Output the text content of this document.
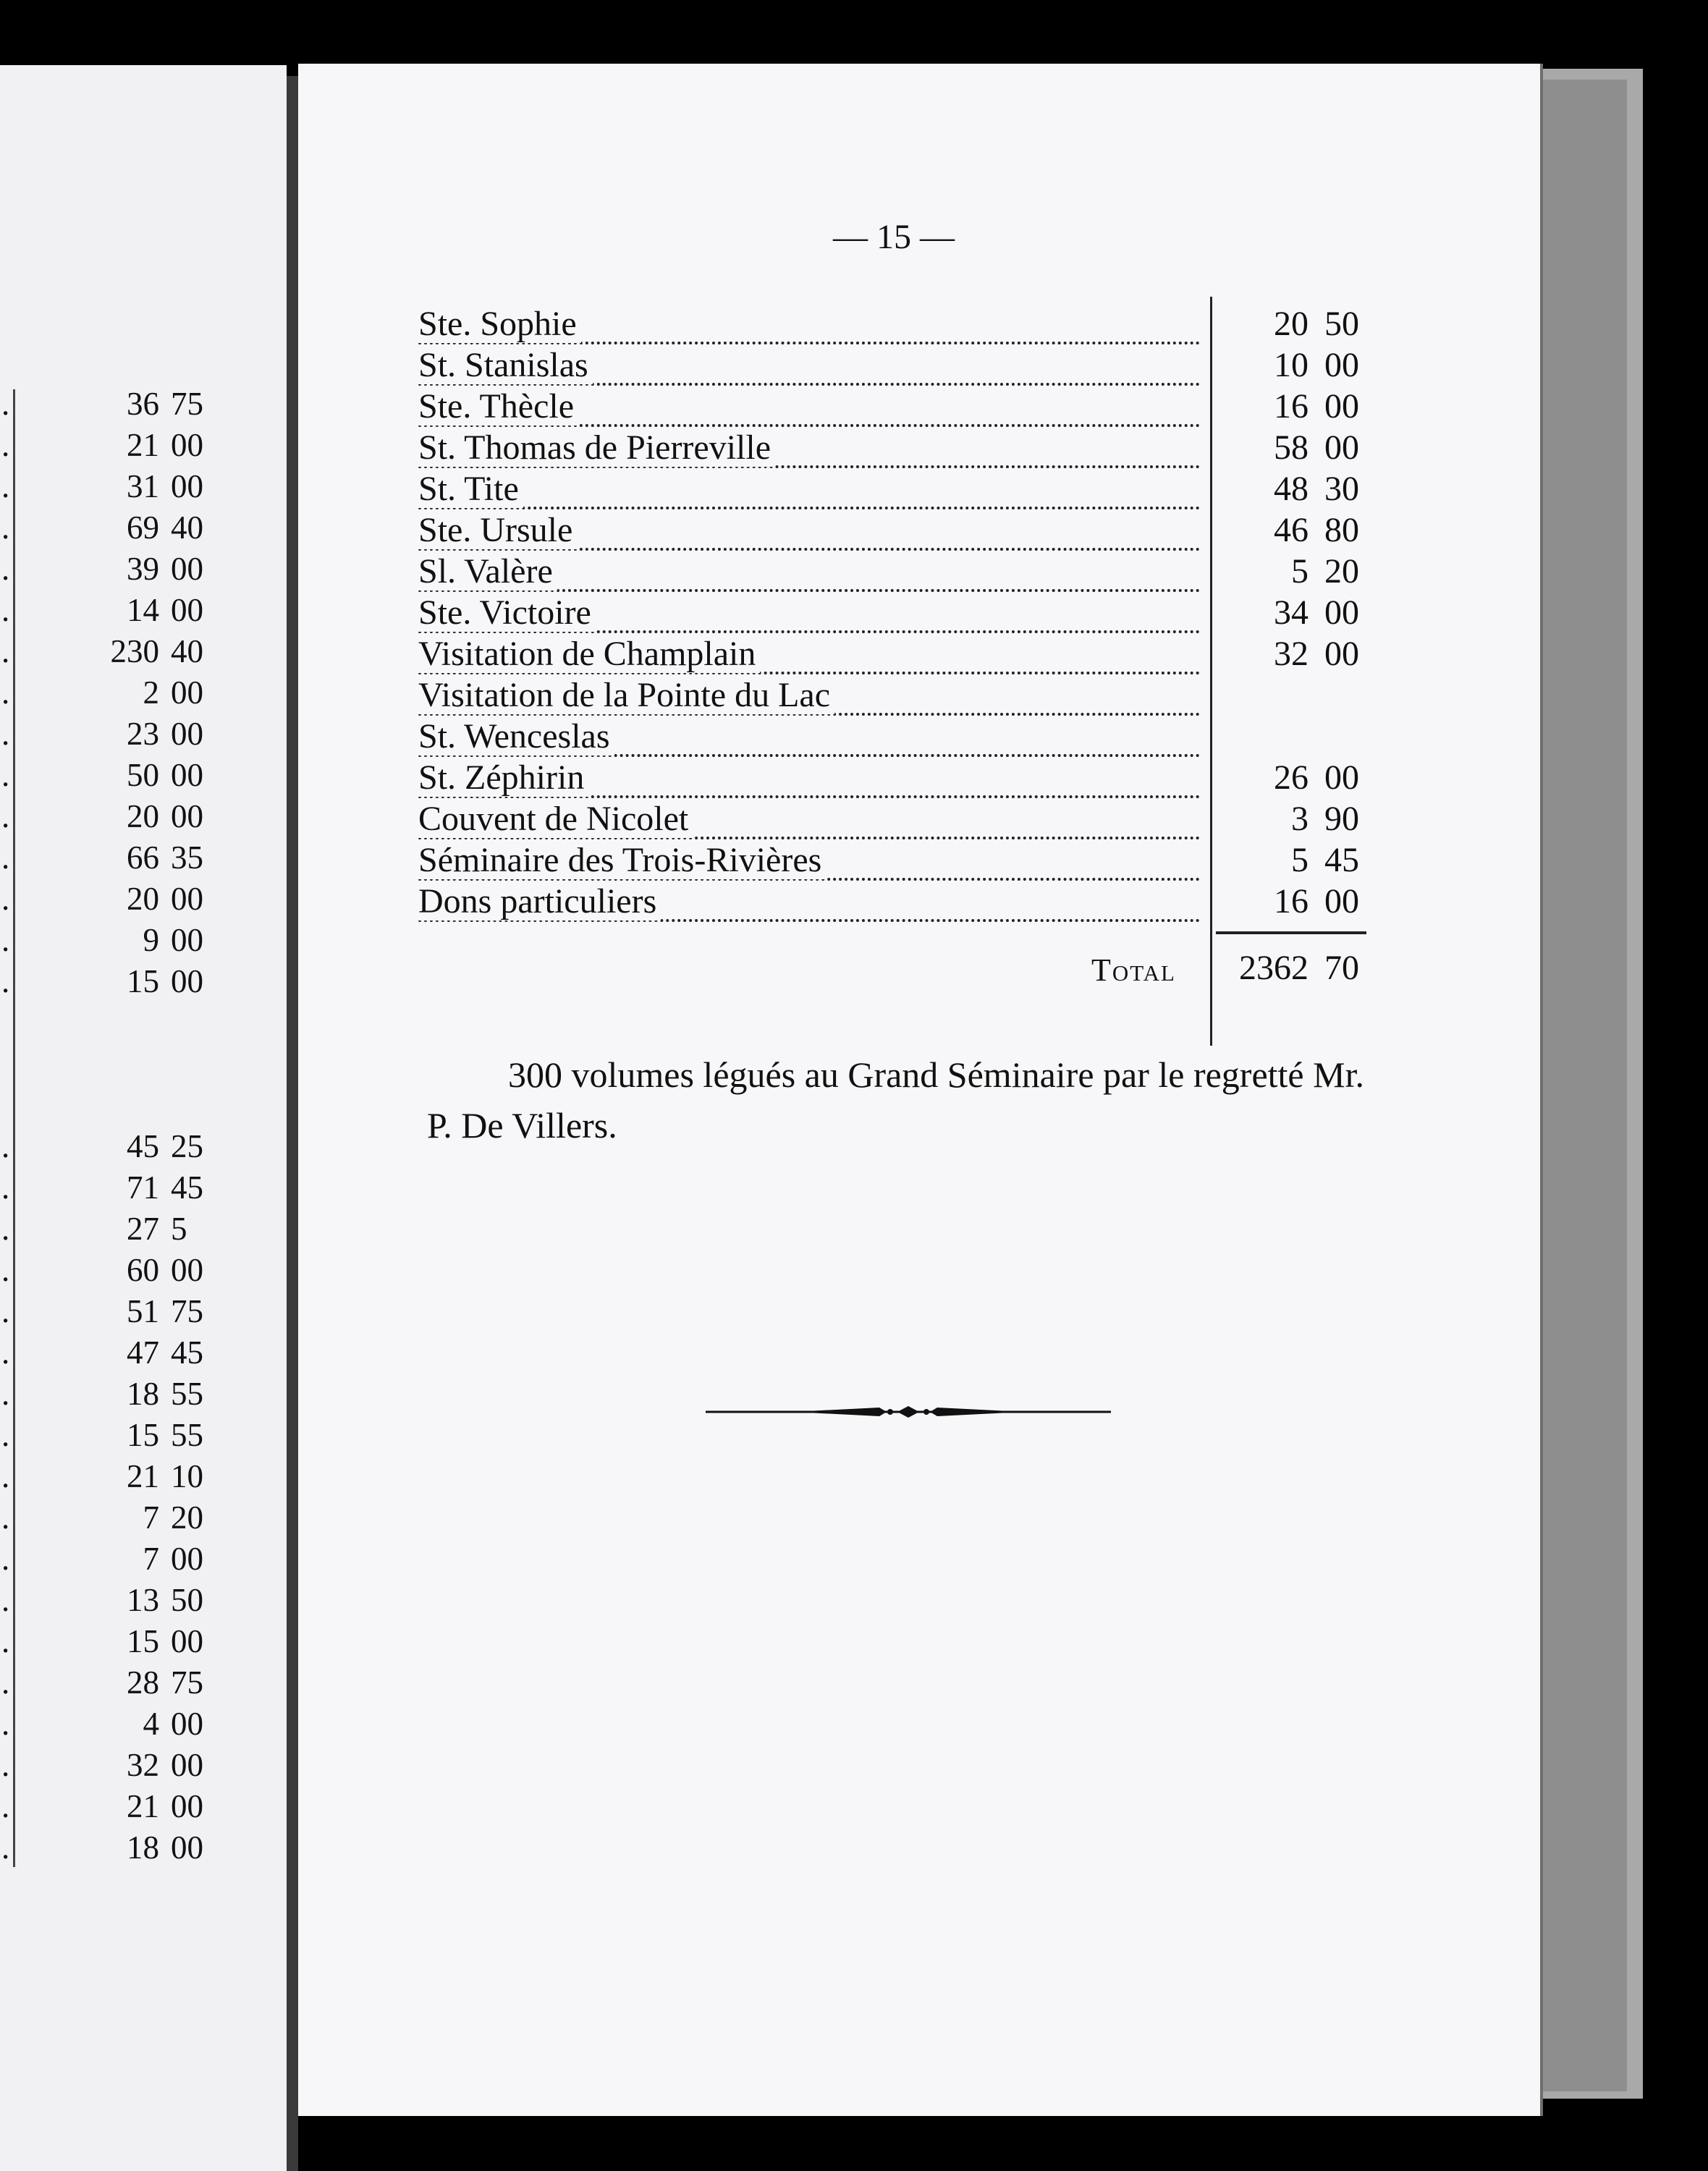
.	36 75
.	21 00
.	31 00
.	69 40
.	39 00
.	14 00
.	230 40
.	2 00
.	23 00
.	50 00
.	20 00
.	66 35
.	20 00
.	9 00
.	15 00
.	45 25
.	71 45
.	27 5
.	60 00
.	51 75
.	47 45
.	18 55
.	15 55
.	21 10
.	7 20
.	7 00
.	13 50
.	15 00
.	28 75
.	4 00
.	32 00
.	21 00
.	18 00
— 15 —
Ste. Sophie	20 50
St. Stanislas	10 00
Ste. Thècle	16 00
St. Thomas de Pierreville	58 00
St. Tite	48 30
Ste. Ursule	46 80
Sl. Valère	5 20
Ste. Victoire	34 00
Visitation de Champlain	32 00
Visitation de la Pointe du Lac
St. Wenceslas
St. Zéphirin	26 00
Couvent de Nicolet	3 90
Séminaire des Trois-Rivières	5 45
Dons particuliers	16 00
Total	2362 70
300 volumes légués au Grand Séminaire par le regretté Mr. P. De Villers.
